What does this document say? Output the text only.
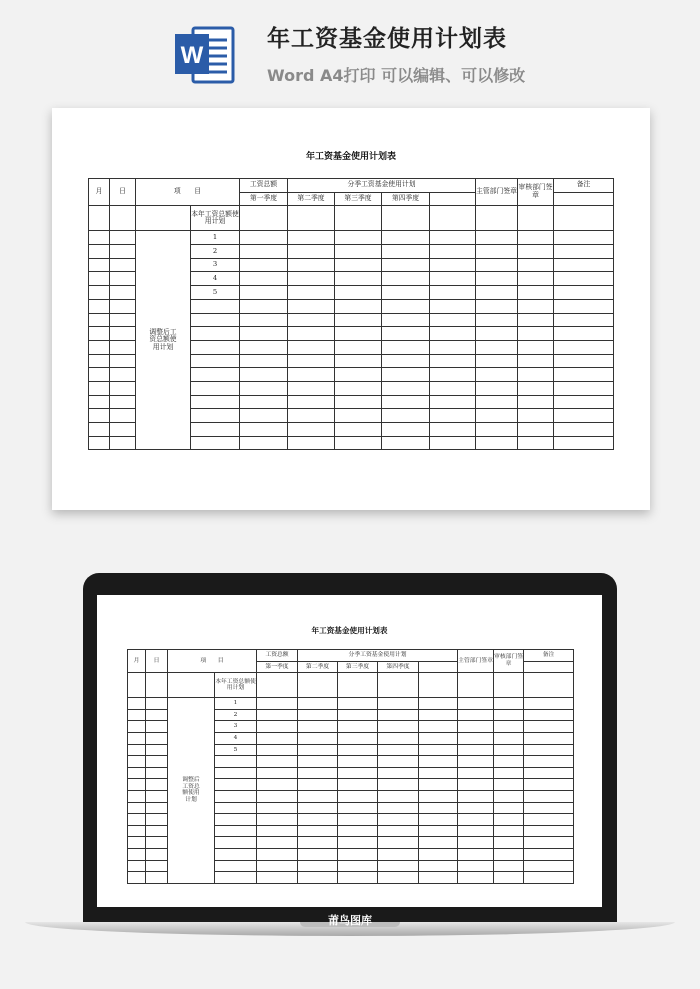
W
年工资基金使用计划表
Word A4打印 可以编辑、可以修改
年工资基金使用计划表
月	日	项　　目		工资总额	分季工资基金使用计划				主管部门签章	审核部门签章	备注
				第一季度	第二季度	第三季度	第四季度				
			本年工资总额使用计划								
		调整后工资总额使用计划	1								
			2								
			3								
			4								
			5								

年工资基金使用计划表
月	日	项　　目		工资总额	分季工资基金使用计划				主管部门签章	审核部门签章	备注
				第一季度	第二季度	第三季度	第四季度				
			本年工资总额使用计划								
		调整后工资总额使用计划	1								
			2								
			3								
			4								
			5								

莆鸟图库
